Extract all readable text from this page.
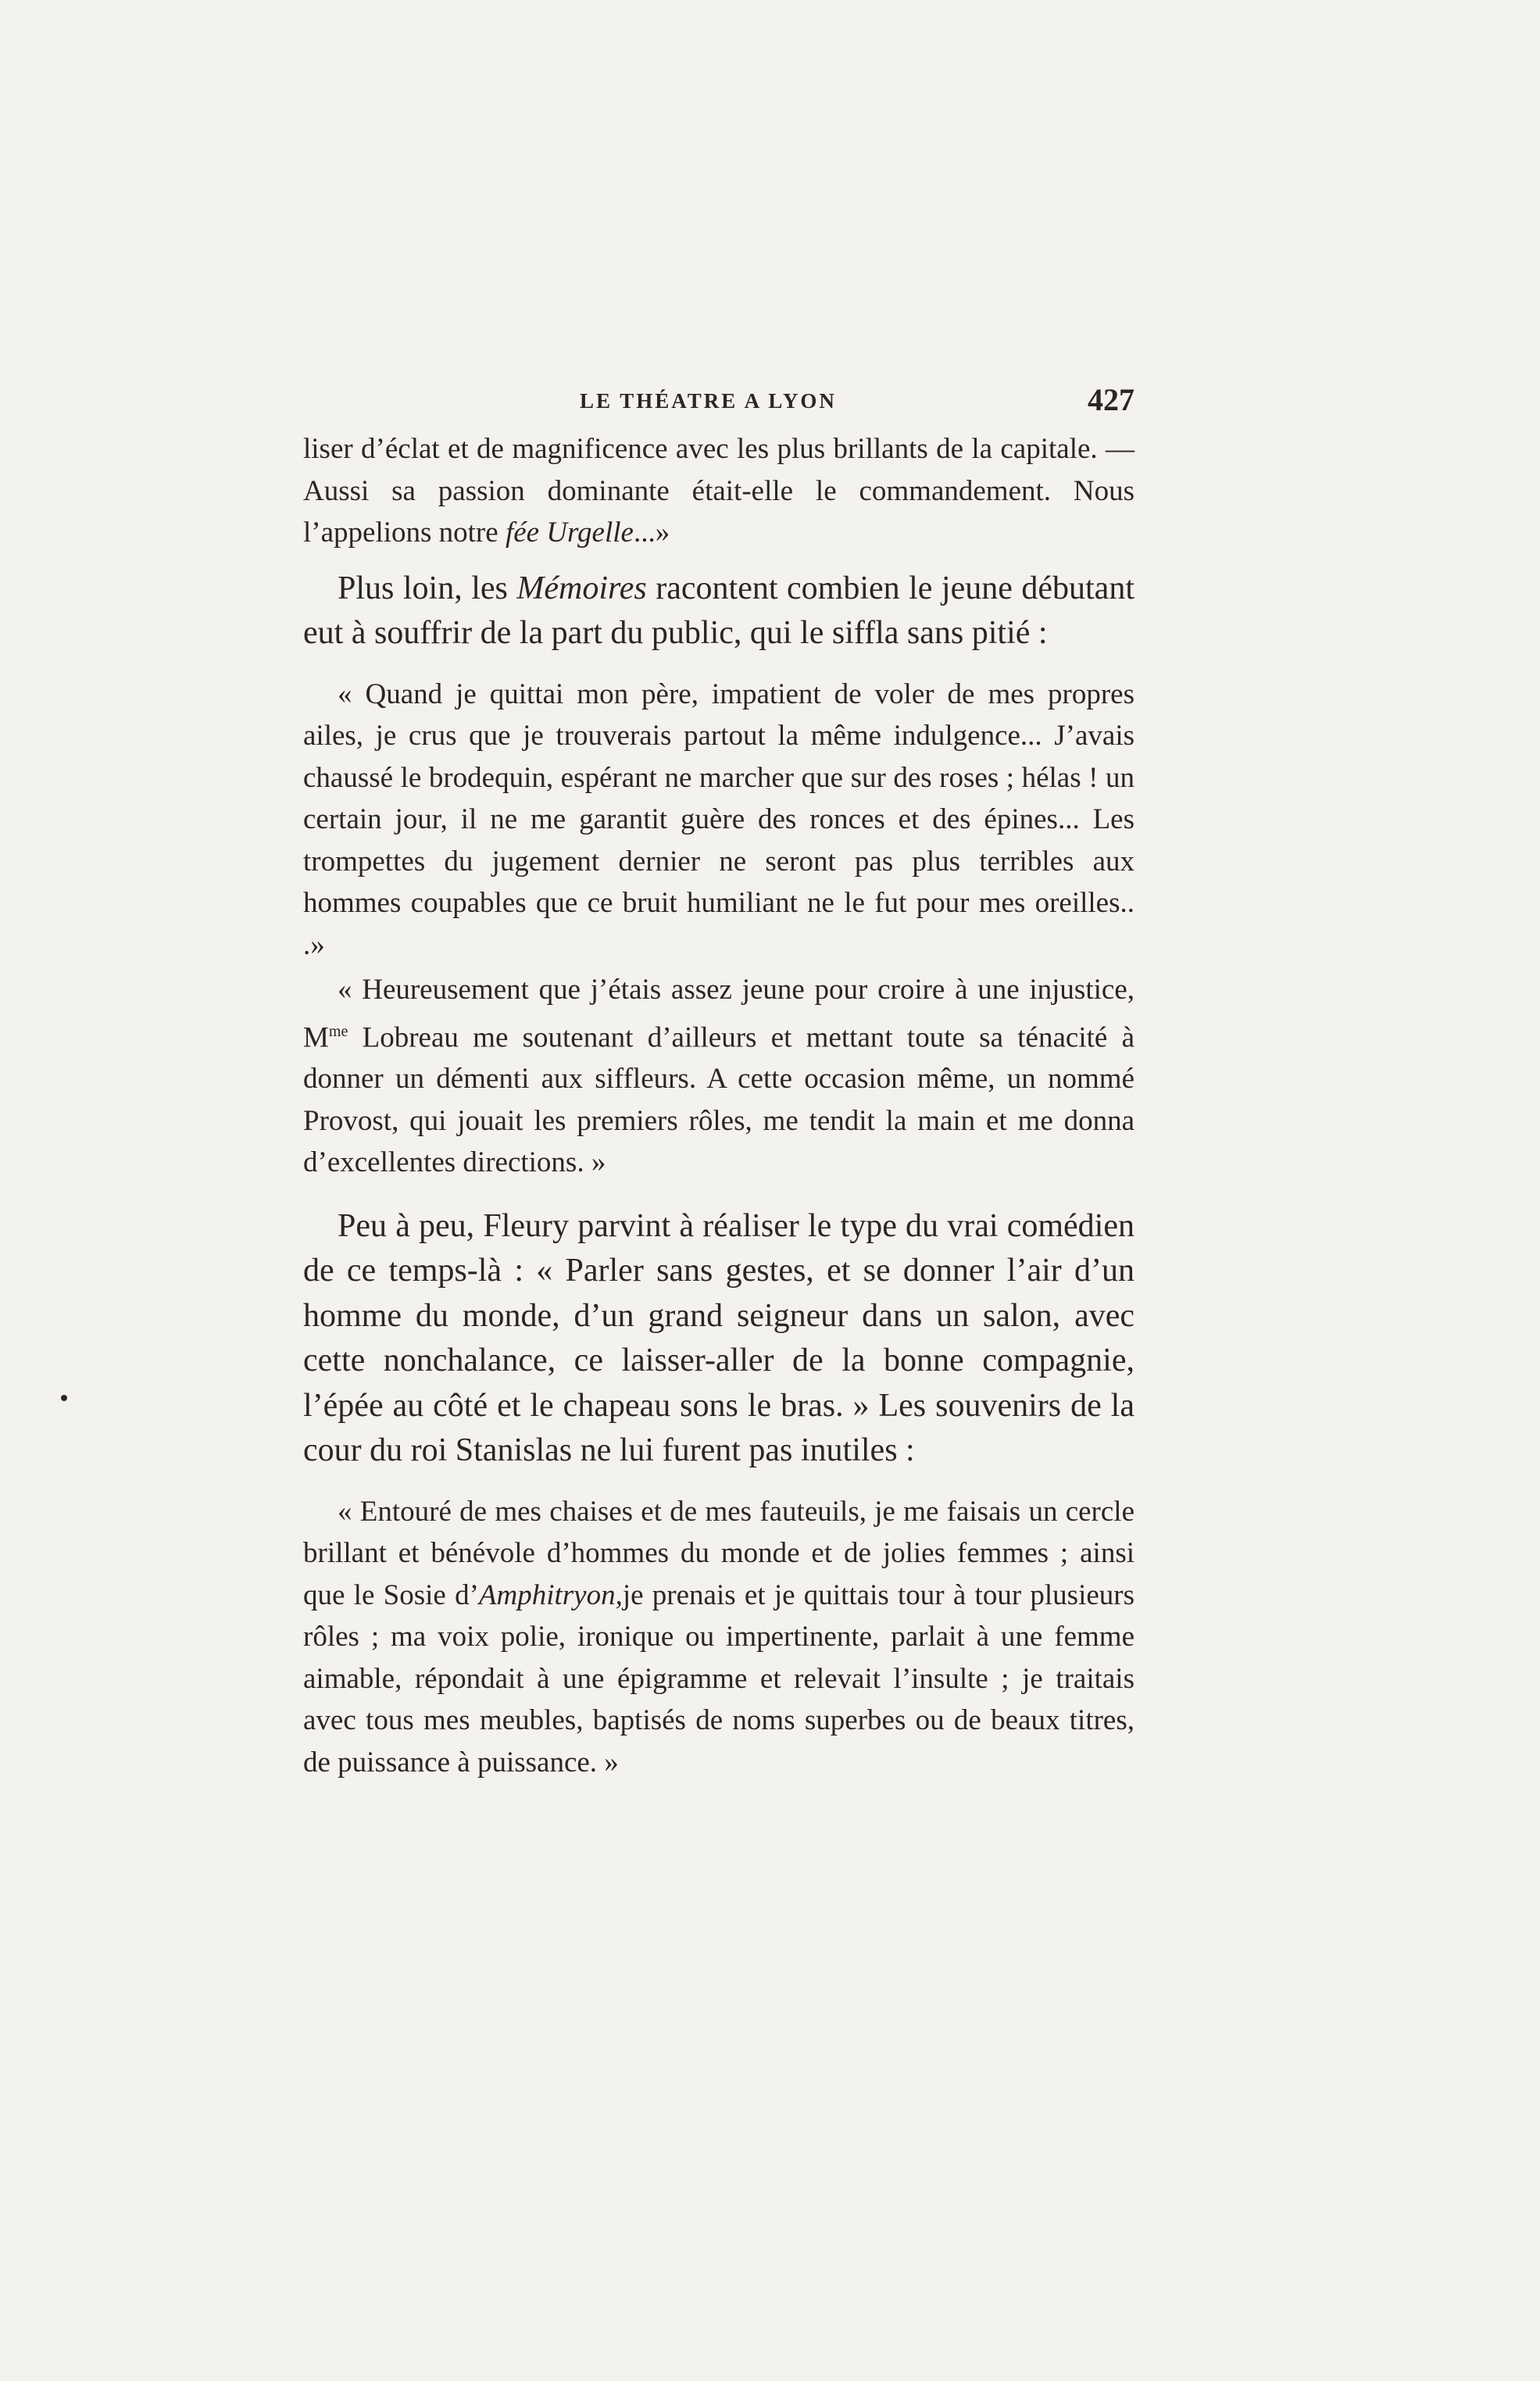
LE THÉATRE A LYON	427

liser d’éclat et de magnificence avec les plus brillants de la capitale. — Aussi sa passion dominante était-elle le commandement. Nous l’appelions notre fée Urgelle...»

Plus loin, les Mémoires racontent combien le jeune débutant eut à souffrir de la part du public, qui le siffla sans pitié :

« Quand je quittai mon père, impatient de voler de mes propres ailes, je crus que je trouverais partout la même indulgence... J’avais chaussé le brodequin, espérant ne marcher que sur des roses ; hélas ! un certain jour, il ne me garantit guère des ronces et des épines... Les trompettes du jugement dernier ne seront pas plus terribles aux hommes coupables que ce bruit humiliant ne le fut pour mes oreilles.. .»

« Heureusement que j’étais assez jeune pour croire à une injustice, $M^{me}$ Lobreau me soutenant d’ailleurs et mettant toute sa ténacité à donner un démenti aux siffleurs. A cette occasion même, un nommé Provost, qui jouait les premiers rôles, me tendit la main et me donna d’excellentes directions. »

Peu à peu, Fleury parvint à réaliser le type du vrai comédien de ce temps-là : « Parler sans gestes, et se donner l’air d’un homme du monde, d’un grand seigneur dans un salon, avec cette nonchalance, ce laisser-aller de la bonne compagnie, l’épée au côté et le chapeau sons le bras. » Les souvenirs de la cour du roi Stanislas ne lui furent pas inutiles :

« Entouré de mes chaises et de mes fauteuils, je me faisais un cercle brillant et bénévole d’hommes du monde et de jolies femmes ; ainsi que le Sosie d’Amphitryon,je prenais et je quittais tour à tour plusieurs rôles ; ma voix polie, ironique ou impertinente, parlait à une femme aimable, répondait à une épigramme et relevait l’insulte ; je traitais avec tous mes meubles, baptisés de noms superbes ou de beaux titres, de puissance à puissance. »
